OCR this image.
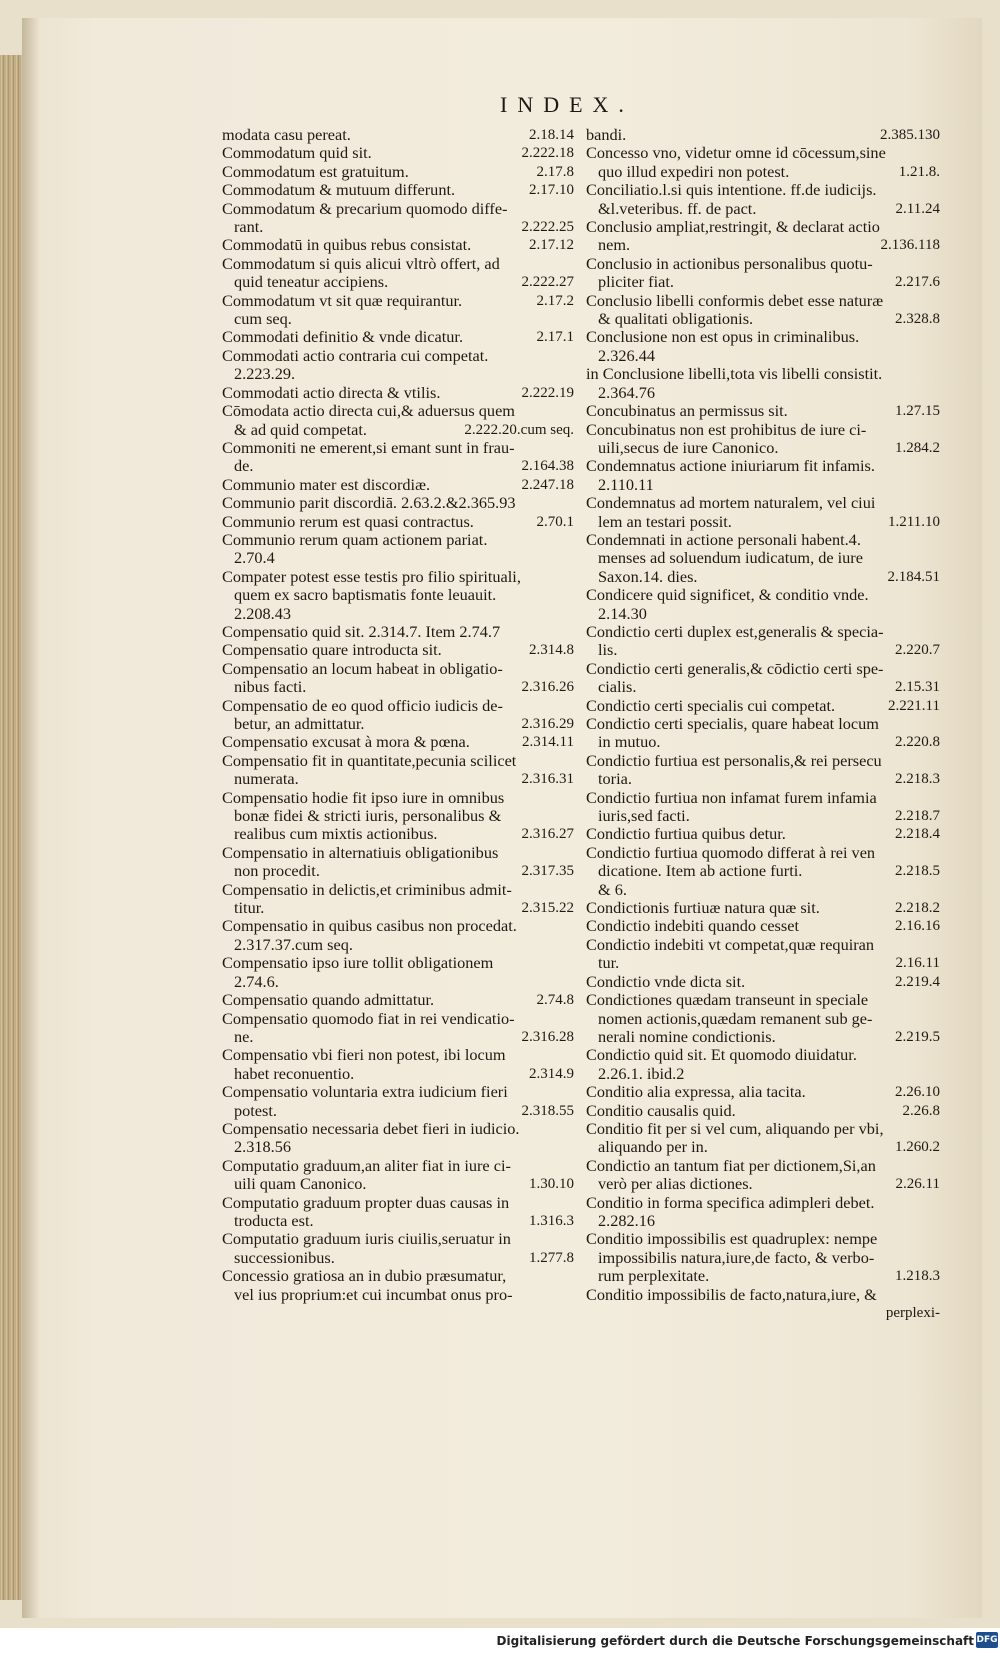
INDEX.
modata casu pereat.	2.18.14
Commodatum quid sit.	2.222.18
Commodatum est gratuitum.	2.17.8
Commodatum & mutuum differunt.	2.17.10
Commodatum & precarium quomodo diffe-
rant.	2.222.25
Commodatū in quibus rebus consistat.	2.17.12
Commodatum si quis alicui vltrò offert, ad
quid teneatur accipiens.	2.222.27
Commodatum vt sit quæ requirantur.	2.17.2
cum seq.
Commodati definitio & vnde dicatur.	2.17.1
Commodati actio contraria cui competat.
2.223.29.
Commodati actio directa & vtilis.	2.222.19
Cōmodata actio directa cui,& aduersus quem
& ad quid competat.	2.222.20.cum seq.
Commoniti ne emerent,si emant sunt in frau-
de.	2.164.38
Communio mater est discordiæ.	2.247.18
Communio parit discordiā. 2.63.2.&2.365.93
Communio rerum est quasi contractus.	2.70.1
Communio rerum quam actionem pariat.
2.70.4
Compater potest esse testis pro filio spirituali,
quem ex sacro baptismatis fonte leuauit.
2.208.43
Compensatio quid sit. 2.314.7. Item 2.74.7
Compensatio quare introducta sit.	2.314.8
Compensatio an locum habeat in obligatio-
nibus facti.	2.316.26
Compensatio de eo quod officio iudicis de-
betur, an admittatur.	2.316.29
Compensatio excusat à mora & pœna.	2.314.11
Compensatio fit in quantitate,pecunia scilicet
numerata.	2.316.31
Compensatio hodie fit ipso iure in omnibus
bonæ fidei & stricti iuris, personalibus &
realibus cum mixtis actionibus.	2.316.27
Compensatio in alternatiuis obligationibus
non procedit.	2.317.35
Compensatio in delictis,et criminibus admit-
titur.	2.315.22
Compensatio in quibus casibus non procedat.
2.317.37.cum seq.
Compensatio ipso iure tollit obligationem
2.74.6.
Compensatio quando admittatur.	2.74.8
Compensatio quomodo fiat in rei vendicatio-
ne.	2.316.28
Compensatio vbi fieri non potest, ibi locum
habet reconuentio.	2.314.9
Compensatio voluntaria extra iudicium fieri
potest.	2.318.55
Compensatio necessaria debet fieri in iudicio.
2.318.56
Computatio graduum,an aliter fiat in iure ci-
uili quam Canonico.	1.30.10
Computatio graduum propter duas causas in
troducta est.	1.316.3
Computatio graduum iuris ciuilis,seruatur in
successionibus.	1.277.8
Concessio gratiosa an in dubio præsumatur,
vel ius proprium:et cui incumbat onus pro-
bandi.	2.385.130
Concesso vno, videtur omne id cōcessum,sine
quo illud expediri non potest.	1.21.8.
Conciliatio.l.si quis intentione. ff.de iudicijs.
&l.veteribus. ff. de pact.	2.11.24
Conclusio ampliat,restringit, & declarat actio
nem.	2.136.118
Conclusio in actionibus personalibus quotu-
pliciter fiat.	2.217.6
Conclusio libelli conformis debet esse naturæ
& qualitati obligationis.	2.328.8
Conclusione non est opus in criminalibus.
2.326.44
in Conclusione libelli,tota vis libelli consistit.
2.364.76
Concubinatus an permissus sit.	1.27.15
Concubinatus non est prohibitus de iure ci-
uili,secus de iure Canonico.	1.284.2
Condemnatus actione iniuriarum fit infamis.
2.110.11
Condemnatus ad mortem naturalem, vel ciui
lem an testari possit.	1.211.10
Condemnati in actione personali habent.4.
menses ad soluendum iudicatum, de iure
Saxon.14. dies.	2.184.51
Condicere quid significet, & conditio vnde.
2.14.30
Condictio certi duplex est,generalis & specia-
lis.	2.220.7
Condictio certi generalis,& cōdictio certi spe-
cialis.	2.15.31
Condictio certi specialis cui competat.	2.221.11
Condictio certi specialis, quare habeat locum
in mutuo.	2.220.8
Condictio furtiua est personalis,& rei persecu
toria.	2.218.3
Condictio furtiua non infamat furem infamia
iuris,sed facti.	2.218.7
Condictio furtiua quibus detur.	2.218.4
Condictio furtiua quomodo differat à rei ven
dicatione. Item ab actione furti.	2.218.5
& 6.
Condictionis furtiuæ natura quæ sit.	2.218.2
Condictio indebiti quando cesset	2.16.16
Condictio indebiti vt competat,quæ requiran
tur.	2.16.11
Condictio vnde dicta sit.	2.219.4
Condictiones quædam transeunt in speciale
nomen actionis,quædam remanent sub ge-
nerali nomine condictionis.	2.219.5
Condictio quid sit. Et quomodo diuidatur.
2.26.1. ibid.2
Conditio alia expressa, alia tacita.	2.26.10
Conditio causalis quid.	2.26.8
Conditio fit per si vel cum, aliquando per vbi,
aliquando per in.	1.260.2
Condictio an tantum fiat per dictionem,Si,an
verò per alias dictiones.	2.26.11
Conditio in forma specifica adimpleri debet.
2.282.16
Conditio impossibilis est quadruplex: nempe
impossibilis natura,iure,de facto, & verbo-
rum perplexitate.	1.218.3
Conditio impossibilis de facto,natura,iure, &
perplexi-
Digitalisierung gefördert durch die Deutsche Forschungsgemeinschaft DFG
